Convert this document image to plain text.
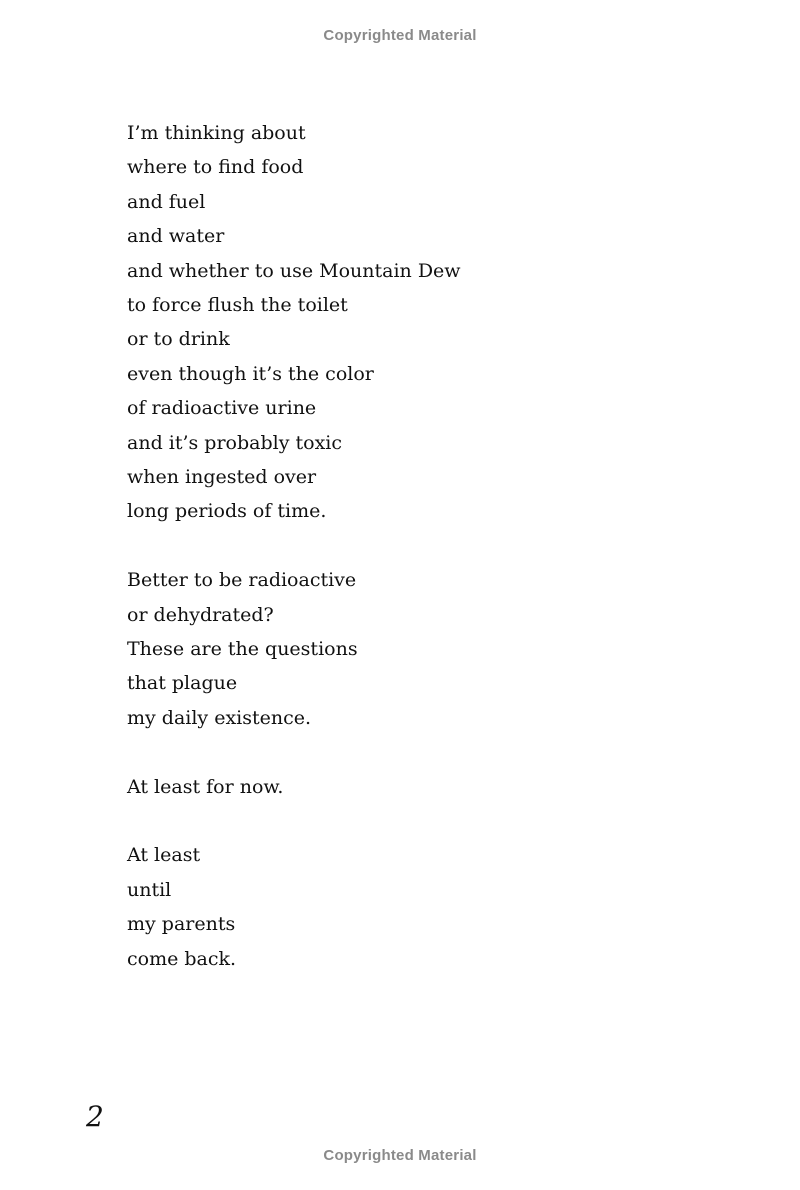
Copyrighted Material
I’m thinking about
where to find food
and fuel
and water
and whether to use Mountain Dew
to force flush the toilet
or to drink
even though it’s the color
of radioactive urine
and it’s probably toxic
when ingested over
long periods of time.
Better to be radioactive
or dehydrated?
These are the questions
that plague
my daily existence.
At least for now.
At least
until
my parents
come back.
2
Copyrighted Material
